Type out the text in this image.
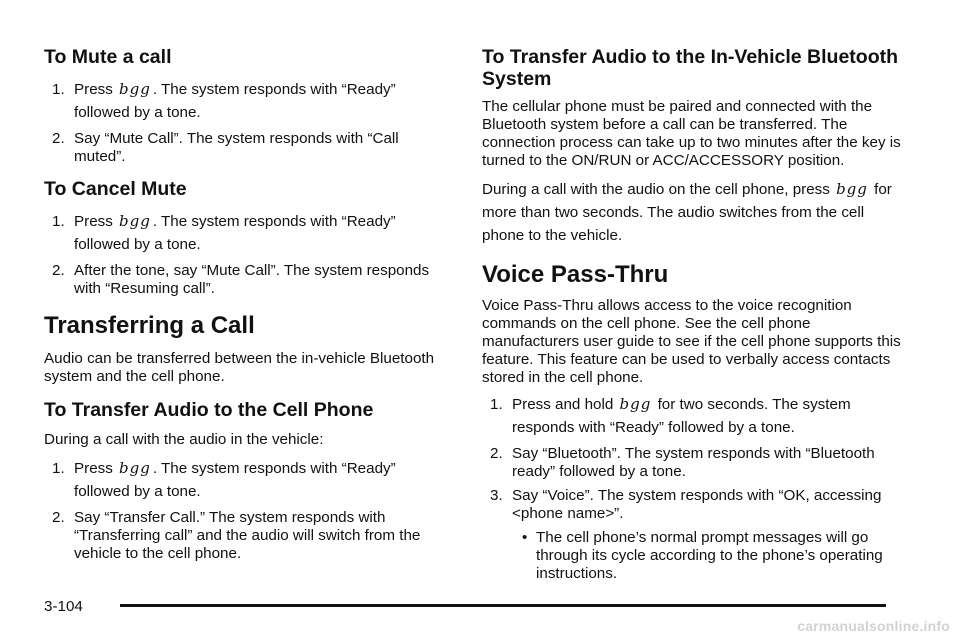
To Mute a call
1. Press bgg . The system responds with “Ready” followed by a tone.
2. Say “Mute Call”. The system responds with “Call muted”.
To Cancel Mute
1. Press bgg . The system responds with “Ready” followed by a tone.
2. After the tone, say “Mute Call”. The system responds with “Resuming call”.
Transferring a Call

Audio can be transferred between the in-vehicle Bluetooth system and the cell phone.

To Transfer Audio to the Cell Phone

During a call with the audio in the vehicle:

1. Press bgg . The system responds with “Ready” followed by a tone.
2. Say “Transfer Call.” The system responds with “Transferring call” and the audio will switch from the vehicle to the cell phone.
To Transfer Audio to the In-Vehicle Bluetooth System

The cellular phone must be paired and connected with the Bluetooth system before a call can be transferred. The connection process can take up to two minutes after the key is turned to the ON/RUN or ACC/ACCESSORY position.

During a call with the audio on the cell phone, press bgg for more than two seconds. The audio switches from the cell phone to the vehicle.

Voice Pass-Thru

Voice Pass-Thru allows access to the voice recognition commands on the cell phone. See the cell phone manufacturers user guide to see if the cell phone supports this feature. This feature can be used to verbally access contacts stored in the cell phone.

1. Press and hold bgg for two seconds. The system responds with “Ready” followed by a tone.
2. Say “Bluetooth”. The system responds with “Bluetooth ready” followed by a tone.
3. Say “Voice”. The system responds with “OK, accessing <phone name>”.
• The cell phone’s normal prompt messages will go through its cycle according to the phone’s operating instructions.
3-104
carmanualsonline.info
